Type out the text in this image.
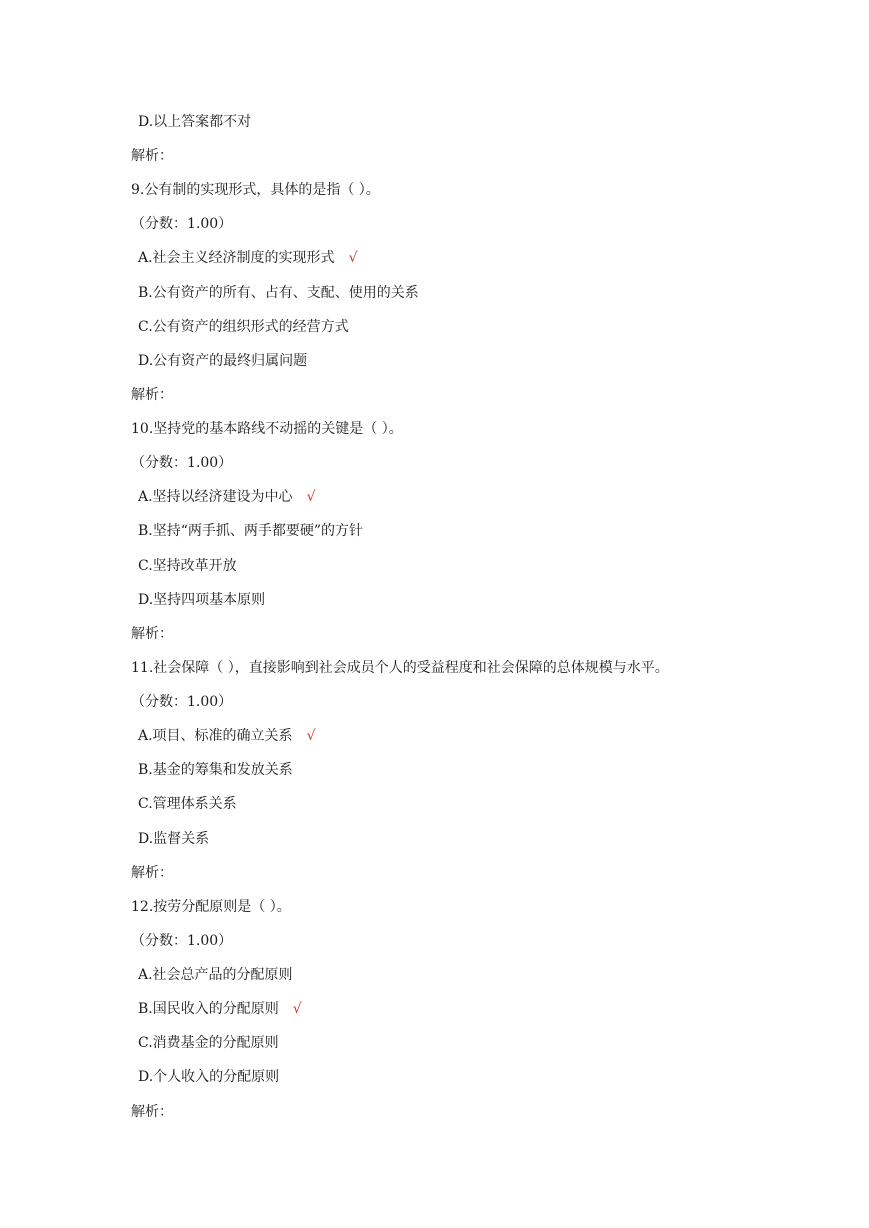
D.以上答案都不对
解析：
9.公有制的实现形式，具体的是指（ ）。
（分数：1.00）
A.社会主义经济制度的实现形式 √
B.公有资产的所有、占有、支配、使用的关系
C.公有资产的组织形式的经营方式
D.公有资产的最终归属问题
解析：
10.坚持党的基本路线不动摇的关键是（ ）。
（分数：1.00）
A.坚持以经济建设为中心 √
B.坚持“两手抓、两手都要硬”的方针
C.坚持改革开放
D.坚持四项基本原则
解析：
11.社会保障（ ），直接影响到社会成员个人的受益程度和社会保障的总体规模与水平。
（分数：1.00）
A.项目、标准的确立关系 √
B.基金的筹集和发放关系
C.管理体系关系
D.监督关系
解析：
12.按劳分配原则是（ ）。
（分数：1.00）
A.社会总产品的分配原则
B.国民收入的分配原则 √
C.消费基金的分配原则
D.个人收入的分配原则
解析：
